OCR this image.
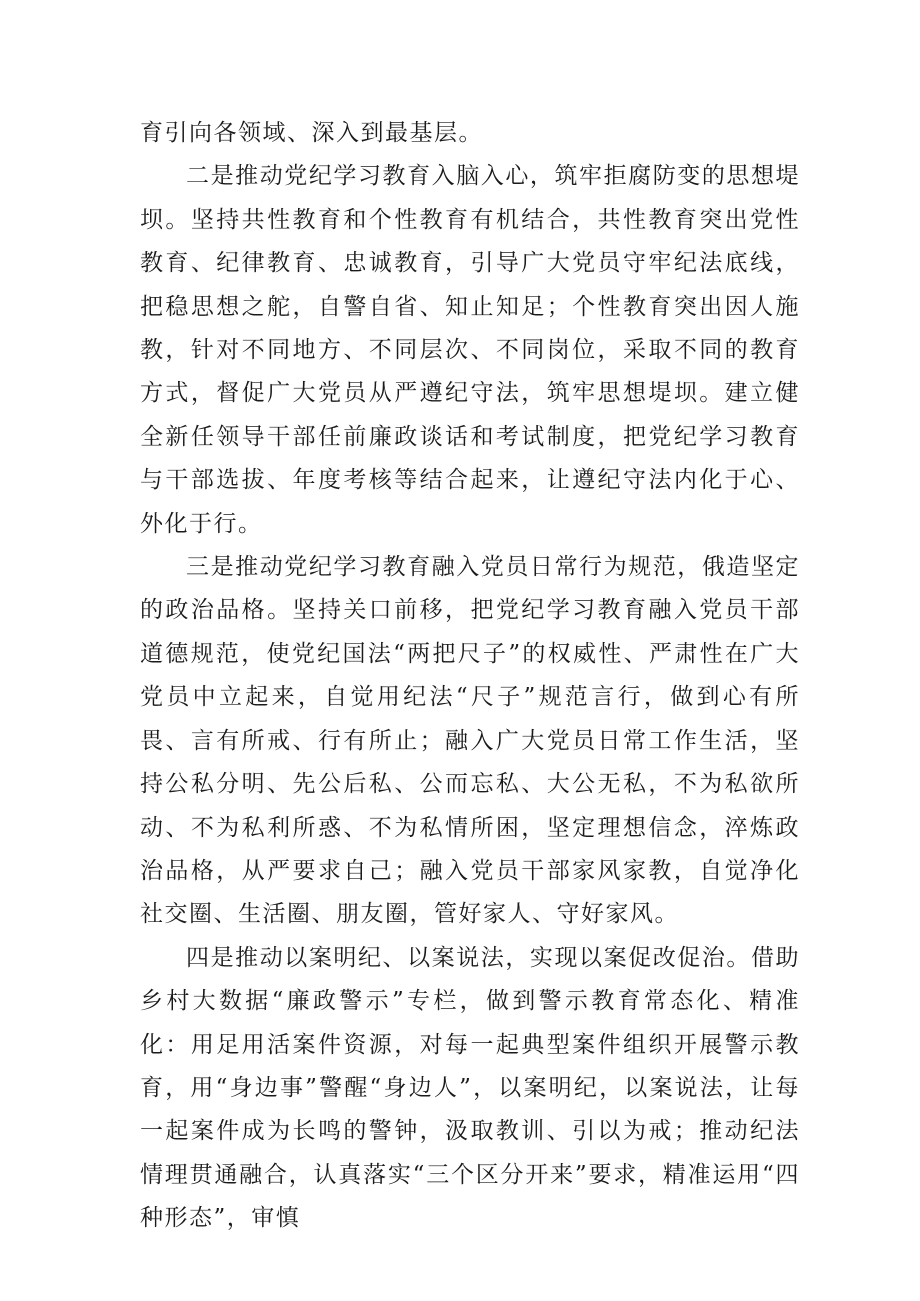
育引向各领域、深入到最基层。

二是推动党纪学习教育入脑入心，筑牢拒腐防变的思想堤坝。坚持共性教育和个性教育有机结合，共性教育突出党性教育、纪律教育、忠诚教育，引导广大党员守牢纪法底线，把稳思想之舵，自警自省、知止知足；个性教育突出因人施教，针对不同地方、不同层次、不同岗位，采取不同的教育方式，督促广大党员从严遵纪守法，筑牢思想堤坝。建立健全新任领导干部任前廉政谈话和考试制度，把党纪学习教育与干部选拔、年度考核等结合起来，让遵纪守法内化于心、外化于行。

三是推动党纪学习教育融入党员日常行为规范，俄造坚定的政治品格。坚持关口前移，把党纪学习教育融入党员干部道德规范，使党纪国法“两把尺子”的权威性、严肃性在广大党员中立起来，自觉用纪法“尺子”规范言行，做到心有所畏、言有所戒、行有所止；融入广大党员日常工作生活，坚持公私分明、先公后私、公而忘私、大公无私，不为私欲所动、不为私利所惑、不为私情所困，坚定理想信念，淬炼政治品格，从严要求自己；融入党员干部家风家教，自觉净化社交圈、生活圈、朋友圈，管好家人、守好家风。

四是推动以案明纪、以案说法，实现以案促改促治。借助乡村大数据“廉政警示”专栏，做到警示教育常态化、精准化：用足用活案件资源，对每一起典型案件组织开展警示教育，用“身边事”警醒“身边人”，以案明纪，以案说法，让每一起案件成为长鸣的警钟，汲取教训、引以为戒；推动纪法情理贯通融合，认真落实“三个区分开来”要求，精准运用“四种形态”，审慎
